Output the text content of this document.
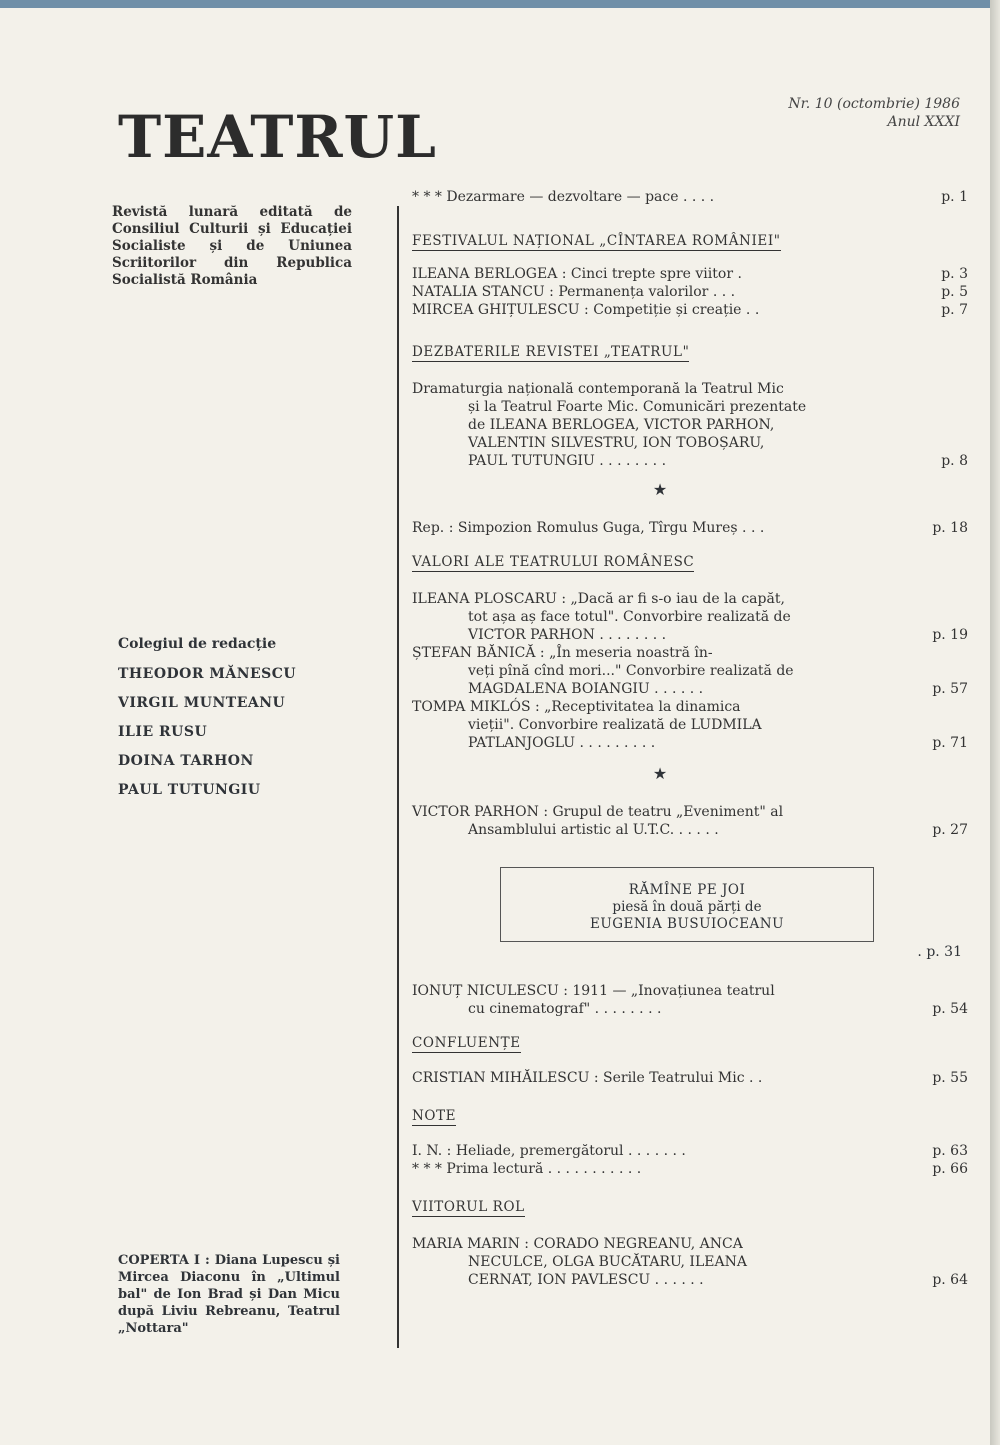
TEATRUL	Nr. 10 (octombrie) 1986
Anul XXXI
Revistă lunară editată de Consiliul Culturii și Educației Socialiste și de Uniunea Scriitorilor din Republica Socialistă România
Colegiul de redacție
THEODOR MĂNESCU
VIRGIL MUNTEANU
ILIE RUSU
DOINA TARHON
PAUL TUTUNGIU
COPERTA I : Diana Lupescu și Mircea Diaconu în „Ultimul bal" de Ion Brad și Dan Micu după Liviu Rebreanu, Teatrul „Nottara"
* * * Dezarmare — dezvoltare — pace . . . .	p. 1
FESTIVALUL NAȚIONAL „CÎNTAREA ROMÂNIEI"
ILEANA BERLOGEA : Cinci trepte spre viitor .	p. 3
NATALIA STANCU : Permanența valorilor . . .	p. 5
MIRCEA GHIȚULESCU : Competiție și creație . .	p. 7
DEZBATERILE REVISTEI „TEATRUL"
Dramaturgia națională contemporană la Teatrul Mic
și la Teatrul Foarte Mic. Comunicări prezentate
de ILEANA BERLOGEA, VICTOR PARHON,
VALENTIN SILVESTRU, ION TOBOȘARU,
PAUL TUTUNGIU . . . . . . . .	p. 8
★
Rep. : Simpozion Romulus Guga, Tîrgu Mureș . . .	p. 18
VALORI ALE TEATRULUI ROMÂNESC
ILEANA PLOSCARU : „Dacă ar fi s-o iau de la capăt,
tot așa aș face totul". Convorbire realizată de
VICTOR PARHON . . . . . . . .	p. 19
ȘTEFAN BĂNICĂ : „În meseria noastră în-
veți pînă cînd mori..." Convorbire realizată de
MAGDALENA BOIANGIU . . . . . .	p. 57
TOMPA MIKLÓS : „Receptivitatea la dinamica
vieții". Convorbire realizată de LUDMILA
PATLANJOGLU . . . . . . . . .	p. 71
★
VICTOR PARHON : Grupul de teatru „Eveniment" al
Ansamblului artistic al U.T.C. . . . . .	p. 27
RĂMÎNE PE JOI
piesă în două părți de
EUGENIA BUSUIOCEANU
. p. 31
IONUȚ NICULESCU : 1911 — „Inovațiunea teatrul
cu cinematograf" . . . . . . . .	p. 54
CONFLUENȚE
CRISTIAN MIHĂILESCU : Serile Teatrului Mic . .	p. 55
NOTE
I. N. : Heliade, premergătorul . . . . . . .	p. 63
* * * Prima lectură . . . . . . . . . . .	p. 66
VIITORUL ROL
MARIA MARIN : CORADO NEGREANU, ANCA
NECULCE, OLGA BUCĂTARU, ILEANA
CERNAT, ION PAVLESCU . . . . . .	p. 64
